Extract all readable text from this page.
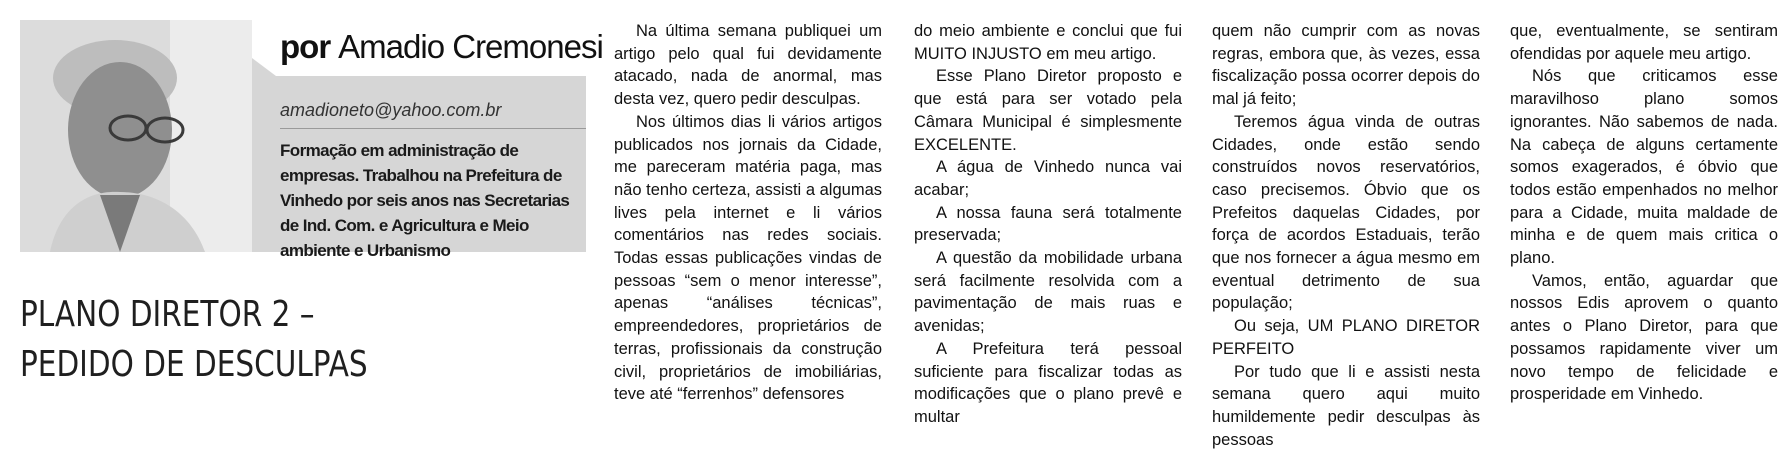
por Amadio Cremonesi
amadioneto@yahoo.com.br
Formação em administração de empresas. Trabalhou na Prefeitura de Vinhedo por seis anos nas Secretarias de Ind. Com. e Agricultura e Meio ambiente e Urbanismo
PLANO DIRETOR 2 –
PEDIDO DE DESCULPAS

Na última semana publiquei um artigo pelo qual fui devidamente atacado, nada de anormal, mas desta vez, quero pedir desculpas.

Nos últimos dias li vários artigos publicados nos jornais da Cidade, me pareceram matéria paga, mas não tenho certeza, assisti a algumas lives pela internet e li vários comentários nas redes sociais. Todas essas publicações vindas de pessoas “sem o menor interesse”, apenas “análises técnicas”, empreendedores, proprietários de terras, profissionais da construção civil, proprietários de imobiliárias, teve até “ferrenhos” defensores

do meio ambiente e conclui que fui MUITO INJUSTO em meu artigo.

Esse Plano Diretor proposto e que está para ser votado pela Câmara Municipal é simplesmente EXCELENTE.

A água de Vinhedo nunca vai acabar;

A nossa fauna será totalmente preservada;

A questão da mobilidade urbana será facilmente resolvida com a pavimentação de mais ruas e avenidas;

A Prefeitura terá pessoal suficiente para fiscalizar todas as modificações que o plano prevê e multar

quem não cumprir com as novas regras, embora que, às vezes, essa fiscalização possa ocorrer depois do mal já feito;

Teremos água vinda de outras Cidades, onde estão sendo construídos novos reservatórios, caso precisemos. Óbvio que os Prefeitos daquelas Cidades, por força de acordos Estaduais, terão que nos fornecer a água mesmo em eventual detrimento de sua população;

Ou seja, UM PLANO DIRETOR PERFEITO

Por tudo que li e assisti nesta semana quero aqui muito humildemente pedir desculpas às pessoas

que, eventualmente, se sentiram ofendidas por aquele meu artigo.

Nós que criticamos esse maravilhoso plano somos ignorantes. Não sabemos de nada. Na cabeça de alguns certamente somos exagerados, é óbvio que todos estão empenhados no melhor para a Cidade, muita maldade de minha e de quem mais critica o plano.

Vamos, então, aguardar que nossos Edis aprovem o quanto antes o Plano Diretor, para que possamos rapidamente viver um novo tempo de felicidade e prosperidade em Vinhedo.
